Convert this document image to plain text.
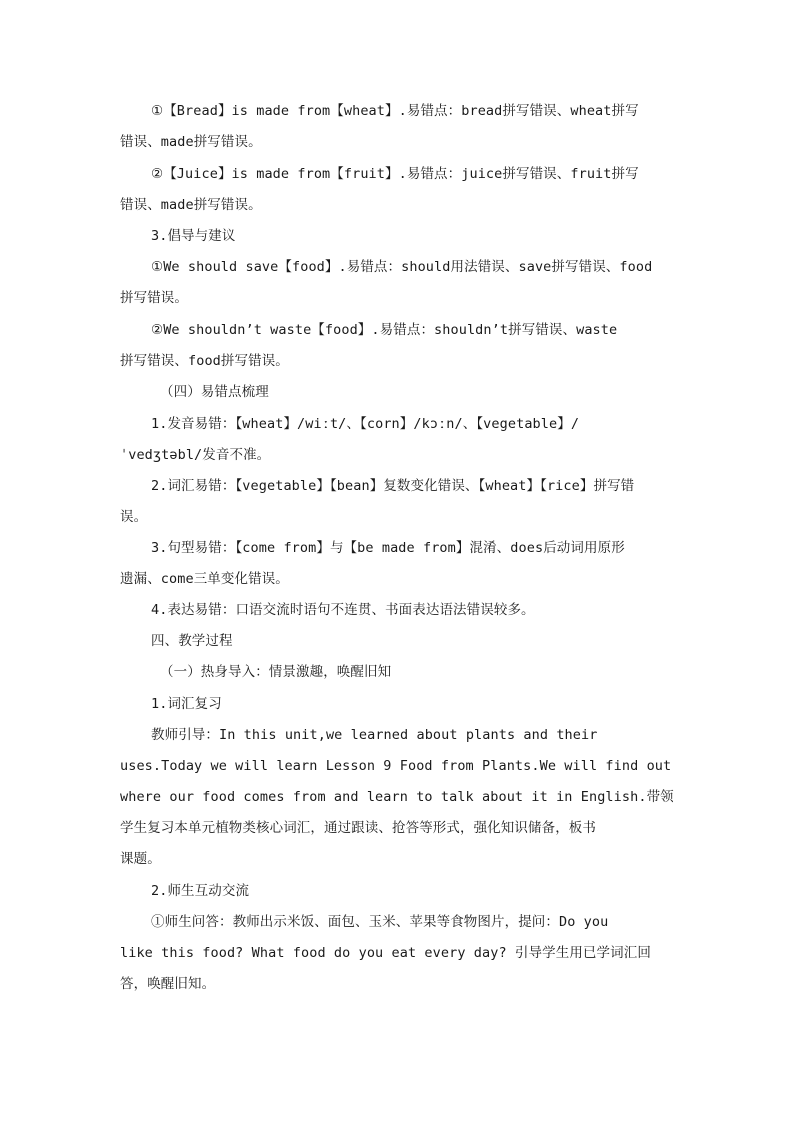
①【Bread】is made from【wheat】.易错点：bread拼写错误、wheat拼写
错误、made拼写错误。
②【Juice】is made from【fruit】.易错点：juice拼写错误、fruit拼写
错误、made拼写错误。
3.倡导与建议
①We should save【food】.易错点：should用法错误、save拼写错误、food
拼写错误。
②We shouldn’t waste【food】.易错点：shouldn’t拼写错误、waste
拼写错误、food拼写错误。
（四）易错点梳理
1.发音易错：【wheat】/wiːt/、【corn】/kɔːn/、【vegetable】/
ˈvedʒtəbl/发音不准。
2.词汇易错：【vegetable】【bean】复数变化错误、【wheat】【rice】拼写错
误。
3.句型易错：【come from】与【be made from】混淆、does后动词用原形
遗漏、come三单变化错误。
4.表达易错：口语交流时语句不连贯、书面表达语法错误较多。
四、教学过程
（一）热身导入：情景激趣，唤醒旧知
1.词汇复习
教师引导：In this unit,we learned about plants and their
uses.Today we will learn Lesson 9 Food from Plants.We will find out
where our food comes from and learn to talk about it in English.带领
学生复习本单元植物类核心词汇，通过跟读、抢答等形式，强化知识储备，板书
课题。
2.师生互动交流
①师生问答：教师出示米饭、面包、玉米、苹果等食物图片，提问：Do you
like this food? What food do you eat every day? 引导学生用已学词汇回
答，唤醒旧知。
